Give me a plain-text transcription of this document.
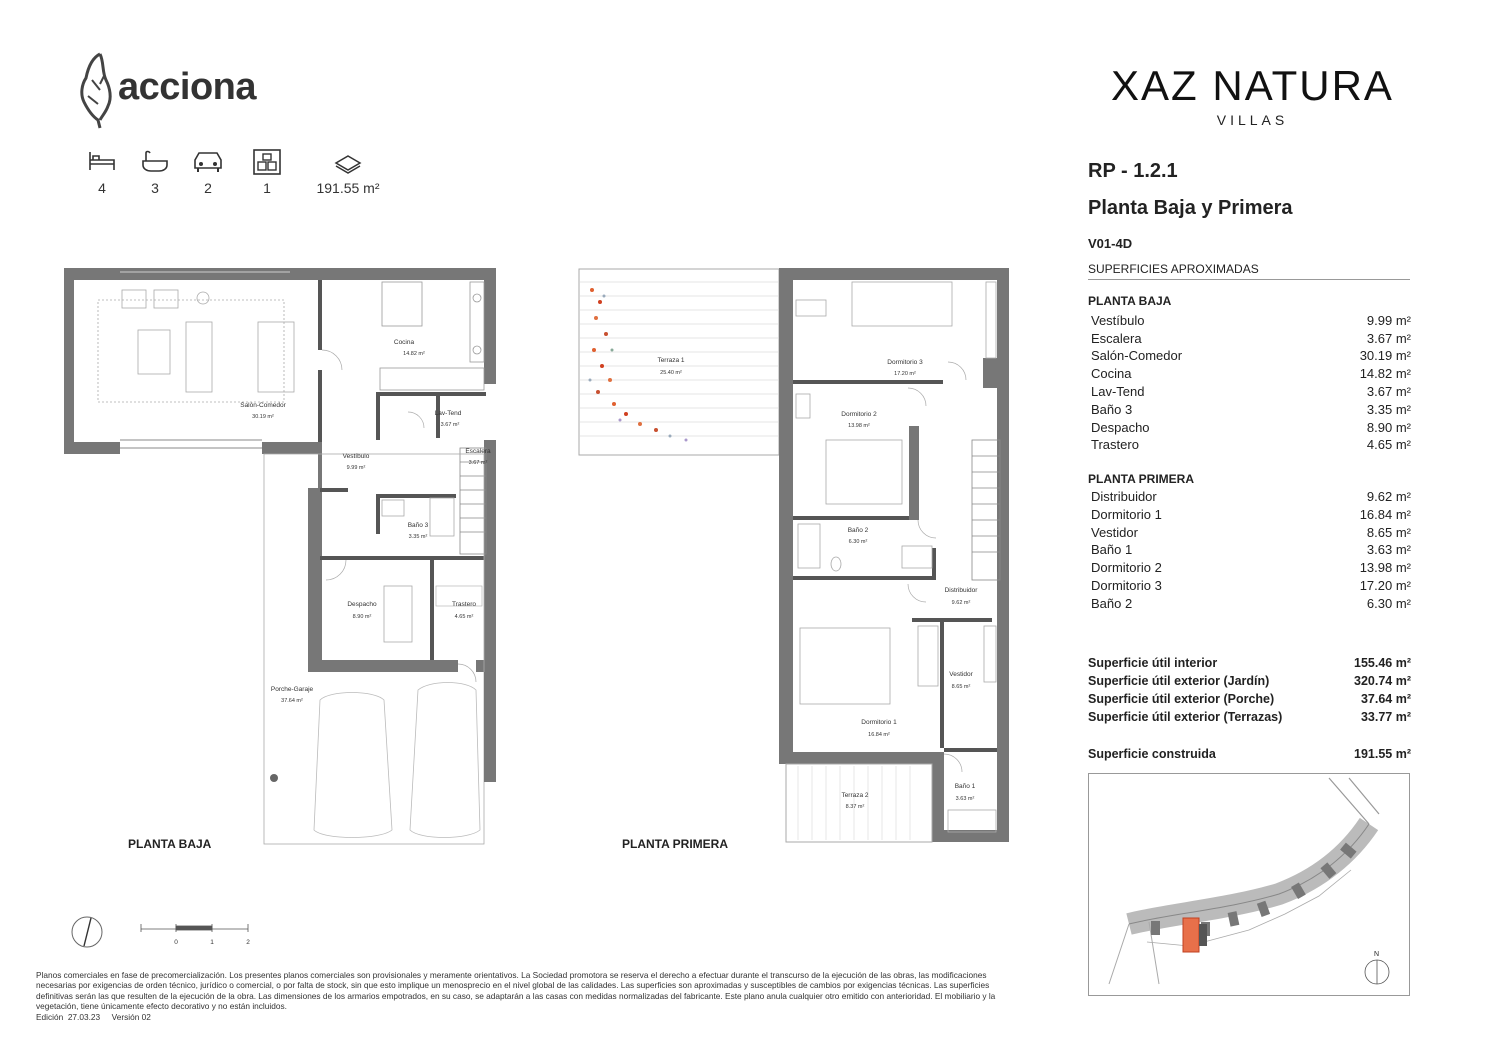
acciona
4	3	2	1	191.55 m²
XAZ NATURA
VILLAS
RP - 1.2.1
Planta Baja y Primera
V01-4D
SUPERFICIES APROXIMADAS
PLANTA BAJA
Vestíbulo	9.99 m²
Escalera	3.67 m²
Salón-Comedor	30.19 m²
Cocina	14.82 m²
Lav-Tend	3.67 m²
Baño 3	3.35 m²
Despacho	8.90 m²
Trastero	4.65 m²
PLANTA PRIMERA
Distribuidor	9.62 m²
Dormitorio 1	16.84 m²
Vestidor	8.65 m²
Baño 1	3.63 m²
Dormitorio 2	13.98 m²
Dormitorio 3	17.20 m²
Baño 2	6.30 m²
Superficie útil interior	155.46 m²
Superficie útil exterior (Jardín)	320.74 m²
Superficie útil exterior (Porche)	37.64 m²
Superficie útil exterior (Terrazas)	33.77 m²
Superficie construida	191.55 m²
N
Cocina
14.82 m²
Salón-Comedor
30.19 m²	Lav-Tend
3.67 m²
Vestíbulo
9.99 m²
Escalera
3.67 m²
Baño 3
3.35 m²
Despacho
8.90 m²
Trastero
4.65 m²
Porche-Garaje
37.64 m²
Terraza 1
25.40 m²
Dormitorio 3
17.20 m²
Dormitorio 2
13.98 m²
Baño 2
6.30 m²
Distribuidor
9.62 m²
Vestidor
8.65 m²
Dormitorio 1
16.84 m²
Terraza 2
8.37 m²
Baño 1
3.63 m²
0	1	2
PLANTA BAJA	PLANTA PRIMERA
Planos comerciales en fase de precomercialización. Los presentes planos comerciales son provisionales y meramente orientativos. La Sociedad promotora se reserva el derecho a efectuar durante el transcurso de la ejecución de las obras, las modificaciones necesarias por exigencias de orden técnico, jurídico o comercial, o por falta de stock, sin que esto implique un menosprecio en el nivel global de las calidades. Las superficies son aproximadas y susceptibles de cambios por exigencias técnicas. Las superficies definitivas serán las que resulten de la ejecución de la obra. Las dimensiones de los armarios empotrados, en su caso, se adaptarán a las casas con medidas normalizadas del fabricante. Este plano anula cualquier otro emitido con anterioridad. El mobiliario y la vegetación, tiene únicamente efecto decorativo y no están incluidos.
Edición  27.03.23     Versión 02
